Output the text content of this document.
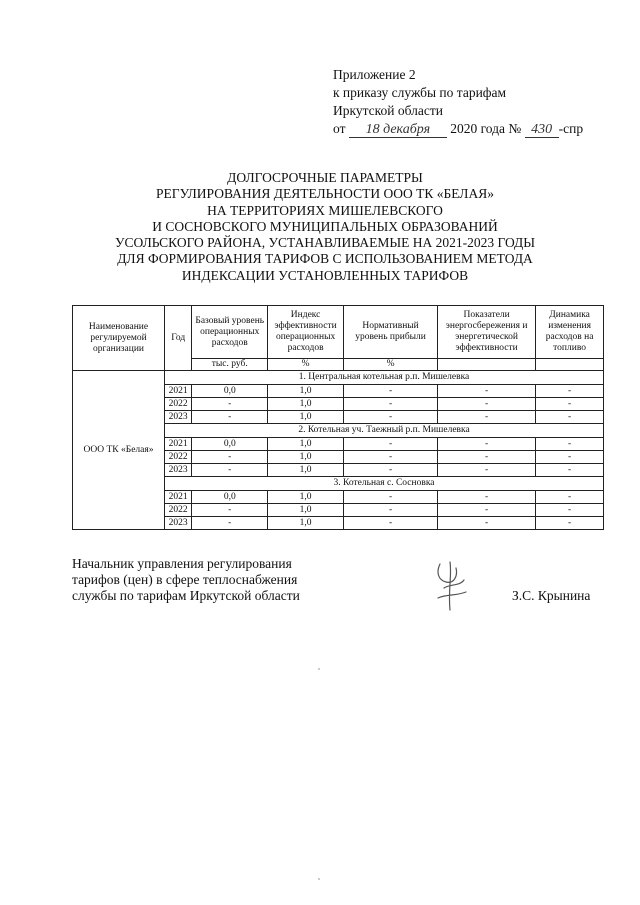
Приложение 2
к приказу службы по тарифам
Иркутской области
от 18 декабря 2020 года № 430 -спр
ДОЛГОСРОЧНЫЕ ПАРАМЕТРЫ
РЕГУЛИРОВАНИЯ ДЕЯТЕЛЬНОСТИ ООО ТК «БЕЛАЯ»
НА ТЕРРИТОРИЯХ МИШЕЛЕВСКОГО
И СОСНОВСКОГО МУНИЦИПАЛЬНЫХ ОБРАЗОВАНИЙ
УСОЛЬСКОГО РАЙОНА, УСТАНАВЛИВАЕМЫЕ НА 2021-2023 ГОДЫ
ДЛЯ ФОРМИРОВАНИЯ ТАРИФОВ С ИСПОЛЬЗОВАНИЕМ МЕТОДА
ИНДЕКСАЦИИ УСТАНОВЛЕННЫХ ТАРИФОВ
Наименование регулируемой организации	Год	Базовый уровень операционных расходов	Индекс эффективности операционных расходов	Нормативный уровень прибыли	Показатели энергосбережения и энергетической эффективности	Динамика изменения расходов на топливо
		тыс. руб.	%	%		
ООО ТК «Белая»	1. Центральная котельная р.п. Мишелевка					
	2021	0,0	1,0	-	-	-
	2022	-	1,0	-	-	-
	2023	-	1,0	-	-	-
	2. Котельная уч. Таежный р.п. Мишелевка					
	2021	0,0	1,0	-	-	-
	2022	-	1,0	-	-	-
	2023	-	1,0	-	-	-
	3. Котельная с. Сосновка					
	2021	0,0	1,0	-	-	-
	2022	-	1,0	-	-	-
	2023	-	1,0	-	-	-
Начальник управления регулирования
тарифов (цен) в сфере теплоснабжения
службы по тарифам Иркутской области	З.С. Крынина
